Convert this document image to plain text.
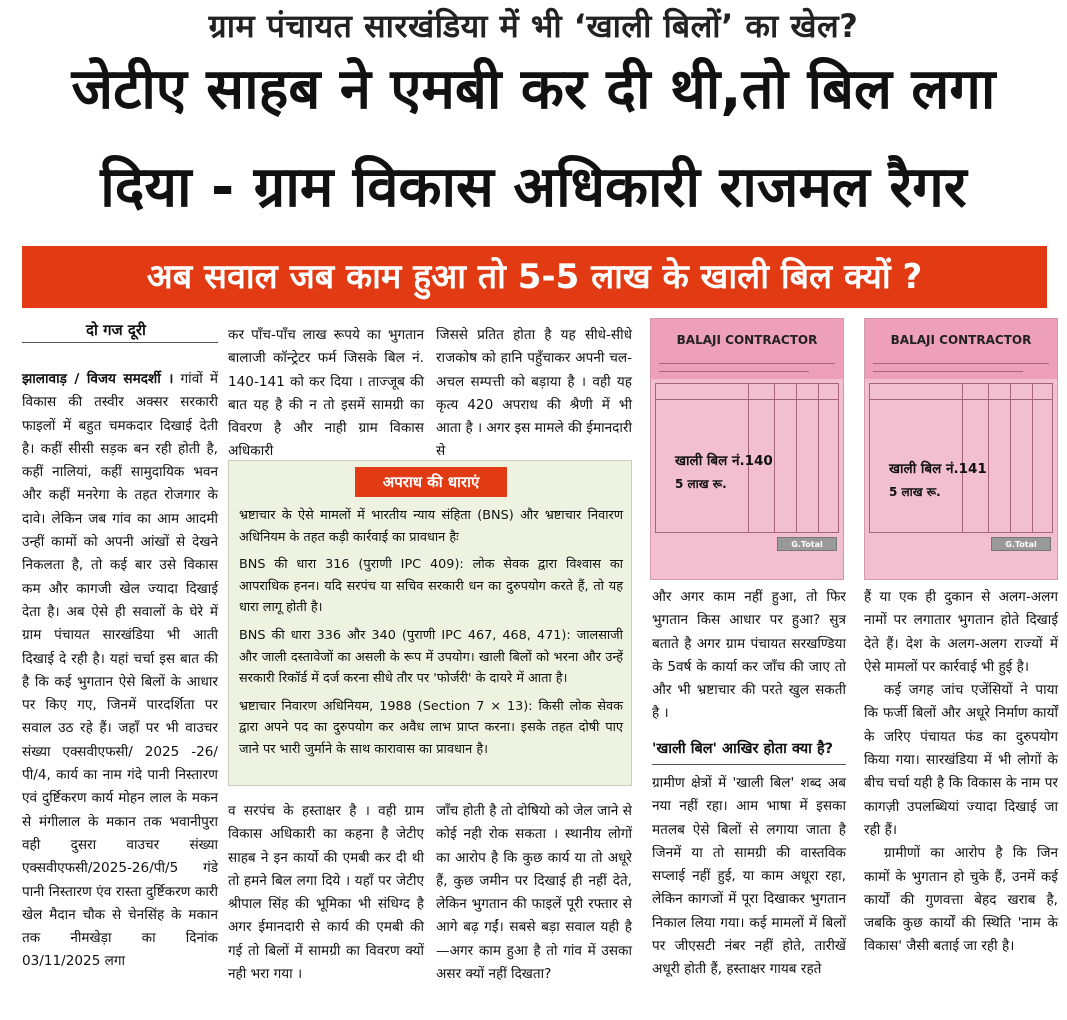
ग्राम पंचायत सारखंडिया में भी ‘खाली बिलों’ का खेल?
जेटीए साहब ने एमबी कर दी थी,तो बिल लगा
दिया - ग्राम विकास अधिकारी राजमल रैगर
अब सवाल जब काम हुआ तो 5-5 लाख के खाली बिल क्यों ?
दो गज दूरी

झालावाड़ / विजय समदर्शी । गांवों में विकास की तस्वीर अक्सर सरकारी फाइलों में बहुत चमकदार दिखाई देती है। कहीं सीसी सड़क बन रही होती है, कहीं नालियां, कहीं सामुदायिक भवन और कहीं मनरेगा के तहत रोजगार के दावे। लेकिन जब गांव का आम आदमी उन्हीं कामों को अपनी आंखों से देखने निकलता है, तो कई बार उसे विकास कम और कागजी खेल ज्यादा दिखाई देता है। अब ऐसे ही सवालों के घेरे में ग्राम पंचायत सारखंडिया भी आती दिखाई दे रही है। यहां चर्चा इस बात की है कि कई भुगतान ऐसे बिलों के आधार पर किए गए, जिनमें पारदर्शिता पर सवाल उठ रहे हैं। जहाँ पर भी वाउचर संख्या एक्सवीएफसी/ 2025 -26/पी/4, कार्य का नाम गंदे पानी निस्तारण एवं दुर्ष्टिकरण कार्य मोहन लाल के मकन से मंगीलाल के मकान तक भवानीपुरा वही दुसरा वाउचर संख्या एक्सवीएफसी/2025-26/पी/5 गंडे पानी निस्तारण एंव रास्ता दुर्ष्टिकरण कारी खेल मैदान चौक से चेनसिंह के मकान तक नीमखेड़ा का दिनांक 03/11/2025 लगा

कर पाँच-पाँच लाख रूपये का भुगतान बालाजी कॉन्ट्रेटर फर्म जिसके बिल नं. 140-141 को कर दिया । ताज्जूब की बात यह है की न तो इसमें सामग्री का विवरण है और नाही ग्राम विकास अधिकारी

जिससे प्रतित होता है यह सीधे-सीधे राजकोष को हानि पहुँचाकर अपनी चल-अचल सम्पत्ती को बड़ाया है । वही यह कृत्य 420 अपराध की श्रैणी में भी आता है । अगर इस मामले की ईमानदारी से

अपराध की धाराएं

भ्रष्टाचार के ऐसे मामलों में भारतीय न्याय संहिता (BNS) और भ्रष्टाचार निवारण अधिनियम के तहत कड़ी कार्रवाई का प्रावधान हैः

BNS की धारा 316 (पुराणी IPC 409): लोक सेवक द्वारा विश्वास का आपराधिक हनन। यदि सरपंच या सचिव सरकारी धन का दुरुपयोग करते हैं, तो यह धारा लागू होती है।

BNS की धारा 336 और 340 (पुराणी IPC 467, 468, 471): जालसाजी और जाली दस्तावेजों का असली के रूप में उपयोग। खाली बिलों को भरना और उन्हें सरकारी रिकॉर्ड में दर्ज करना सीधे तौर पर 'फोर्जरी' के दायरे में आता है।

भ्रष्टाचार निवारण अधिनियम, 1988 (Section 7 × 13): किसी लोक सेवक द्वारा अपने पद का दुरुपयोग कर अवैध लाभ प्राप्त करना। इसके तहत दोषी पाए जाने पर भारी जुर्माने के साथ कारावास का प्रावधान है।

व सरपंच के हस्ताक्षर है । वही ग्राम विकास अधिकारी का कहना है जेटीए साहब ने इन कार्यो की एमबी कर दी थी तो हमने बिल लगा दिये । यहाँ पर जेटीए श्रीपाल सिंह की भूमिका भी संधिग्द है अगर ईमानदारी से कार्य की एमबी की गई तो बिलों में सामग्री का विवरण क्यों नही भरा गया ।

जाँच होती है तो दोषियो को जेल जाने से कोई नही रोक सकता । स्थानीय लोगों का आरोप है कि कुछ कार्य या तो अधूरे हैं, कुछ जमीन पर दिखाई ही नहीं देते, लेकिन भुगतान की फाइलें पूरी रफ्तार से आगे बढ़ गईं। सबसे बड़ा सवाल यही है—अगर काम हुआ है तो गांव में उसका असर क्यों नहीं दिखता?

BALAJI CONTRACTOR
खाली बिल नं.140
5 लाख रू.
G.Total
BALAJI CONTRACTOR
खाली बिल नं.141
5 लाख रू.
G.Total

और अगर काम नहीं हुआ, तो फिर भुगतान किस आधार पर हुआ? सुत्र बताते है अगर ग्राम पंचायत सरखण्डिया के 5वर्ष के कार्या कर जाँच की जाए तो और भी भ्रष्टाचार की परते खुल सकती है ।

'खाली बिल' आखिर होता क्या है?

ग्रामीण क्षेत्रों में 'खाली बिल' शब्द अब नया नहीं रहा। आम भाषा में इसका मतलब ऐसे बिलों से लगाया जाता है जिनमें या तो सामग्री की वास्तविक सप्लाई नहीं हुई, या काम अधूरा रहा, लेकिन कागजों में पूरा दिखाकर भुगतान निकाल लिया गया। कई मामलों में बिलों पर जीएसटी नंबर नहीं होते, तारीखें अधूरी होती हैं, हस्ताक्षर गायब रहते

हैं या एक ही दुकान से अलग-अलग नामों पर लगातार भुगतान होते दिखाई देते हैं। देश के अलग-अलग राज्यों में ऐसे मामलों पर कार्रवाई भी हुई है।

कई जगह जांच एजेंसियों ने पाया कि फर्जी बिलों और अधूरे निर्माण कार्यों के जरिए पंचायत फंड का दुरुपयोग किया गया। सारखंडिया में भी लोगों के बीच चर्चा यही है कि विकास के नाम पर कागज़ी उपलब्धियां ज्यादा दिखाई जा रही हैं।

ग्रामीणों का आरोप है कि जिन कामों के भुगतान हो चुके हैं, उनमें कई कार्यों की गुणवत्ता बेहद खराब है, जबकि कुछ कार्यों की स्थिति 'नाम के विकास' जैसी बताई जा रही है।
